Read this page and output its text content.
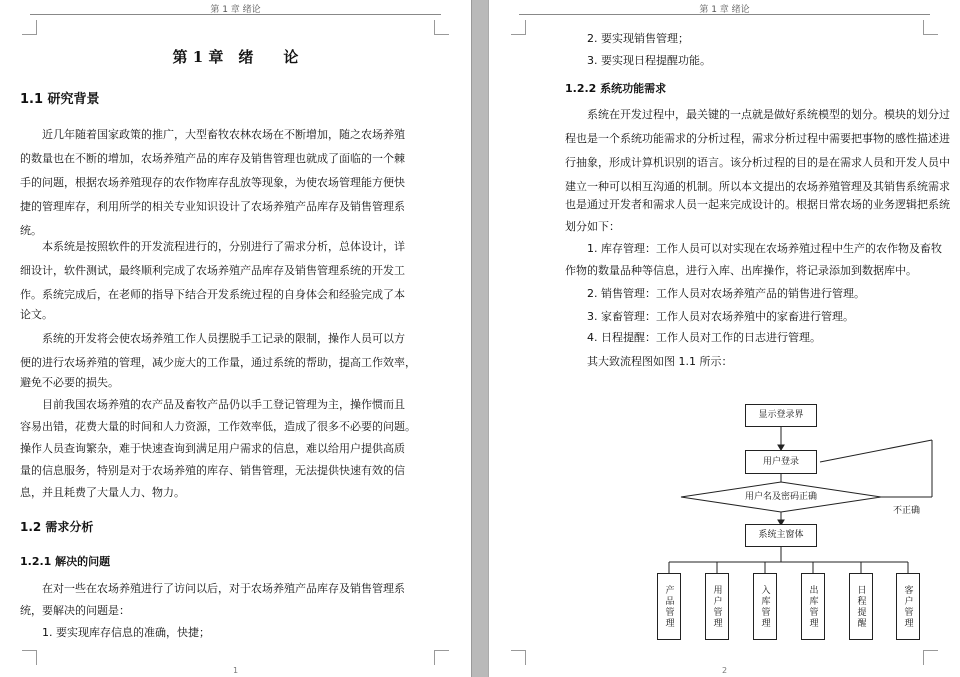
第 1 章 绪论
第 1 章　绪　　论
1.1 研究背景
近几年随着国家政策的推广，大型畜牧农林农场在不断增加，随之农场养殖
的数量也在不断的增加，农场养殖产品的库存及销售管理也就成了面临的一个棘
手的问题，根据农场养殖现存的农作物库存乱放等现象，为使农场管理能方便快
捷的管理库存，利用所学的相关专业知识设计了农场养殖产品库存及销售管理系
统。
本系统是按照软件的开发流程进行的，分别进行了需求分析，总体设计，详
细设计，软件测试，最终顺利完成了农场养殖产品库存及销售管理系统的开发工
作。系统完成后，在老师的指导下结合开发系统过程的自身体会和经验完成了本
论文。
系统的开发将会使农场养殖工作人员摆脱手工记录的限制，操作人员可以方
便的进行农场养殖的管理，减少庞大的工作量，通过系统的帮助，提高工作效率，
避免不必要的损失。
目前我国农场养殖的农产品及畜牧产品仍以手工登记管理为主，操作惯而且
容易出错，花费大量的时间和人力资源，工作效率低，造成了很多不必要的问题。
操作人员查询繁杂，难于快速查询到满足用户需求的信息，难以给用户提供高质
量的信息服务，特别是对于农场养殖的库存、销售管理，无法提供快速有效的信
息，并且耗费了大量人力、物力。
1.2 需求分析
1.2.1 解决的问题
在对一些在农场养殖进行了访问以后，对于农场养殖产品库存及销售管理系
统，要解决的问题是：
1. 要实现库存信息的准确，快捷；
1
第 1 章 绪论
2. 要实现销售管理；
3. 要实现日程提醒功能。
1.2.2 系统功能需求
系统在开发过程中，最关键的一点就是做好系统模型的划分。模块的划分过
程也是一个系统功能需求的分析过程，需求分析过程中需要把事物的感性描述进
行抽象，形成计算机识别的语言。该分析过程的目的是在需求人员和开发人员中
建立一种可以相互沟通的机制。所以本文提出的农场养殖管理及其销售系统需求
也是通过开发者和需求人员一起来完成设计的。根据日常农场的业务逻辑把系统
划分如下：
1. 库存管理：工作人员可以对实现在农场养殖过程中生产的农作物及畜牧
作物的数量品种等信息，进行入库、出库操作，将记录添加到数据库中。
2. 销售管理：工作人员对农场养殖产品的销售进行管理。
3. 家畜管理：工作人员对农场养殖中的家畜进行管理。
4. 日程提醒：工作人员对工作的日志进行管理。
其大致流程图如图 1.1 所示：
显示登录界
用户登录
用户名及密码正确
不正确
系统主窗体
产品管理	用户管理	入库管理	出库管理	日程提醒	客户管理
2
